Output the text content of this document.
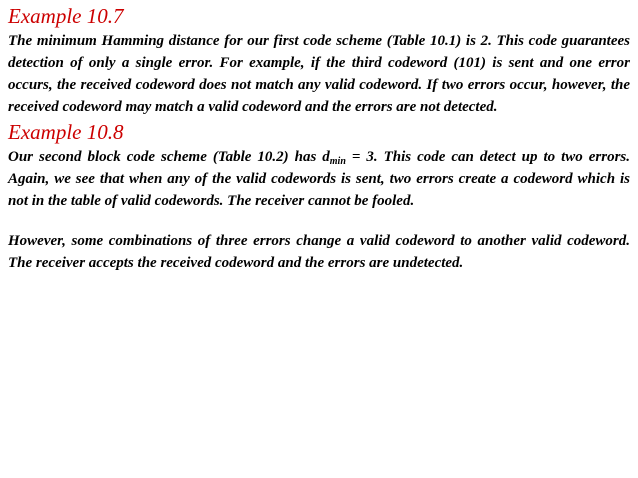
Example 10.7

The minimum Hamming distance for our first code scheme (Table 10.1) is 2. This code guarantees detection of only a single error. For example, if the third codeword (101) is sent and one error occurs, the received codeword does not match any valid codeword. If two errors occur, however, the received codeword may match a valid codeword and the errors are not detected.

Example 10.8

Our second block code scheme (Table 10.2) has $d_{min} = 3$. This code can detect up to two errors. Again, we see that when any of the valid codewords is sent, two errors create a codeword which is not in the table of valid codewords. The receiver cannot be fooled.

However, some combinations of three errors change a valid codeword to another valid codeword. The receiver accepts the received codeword and the errors are undetected.
